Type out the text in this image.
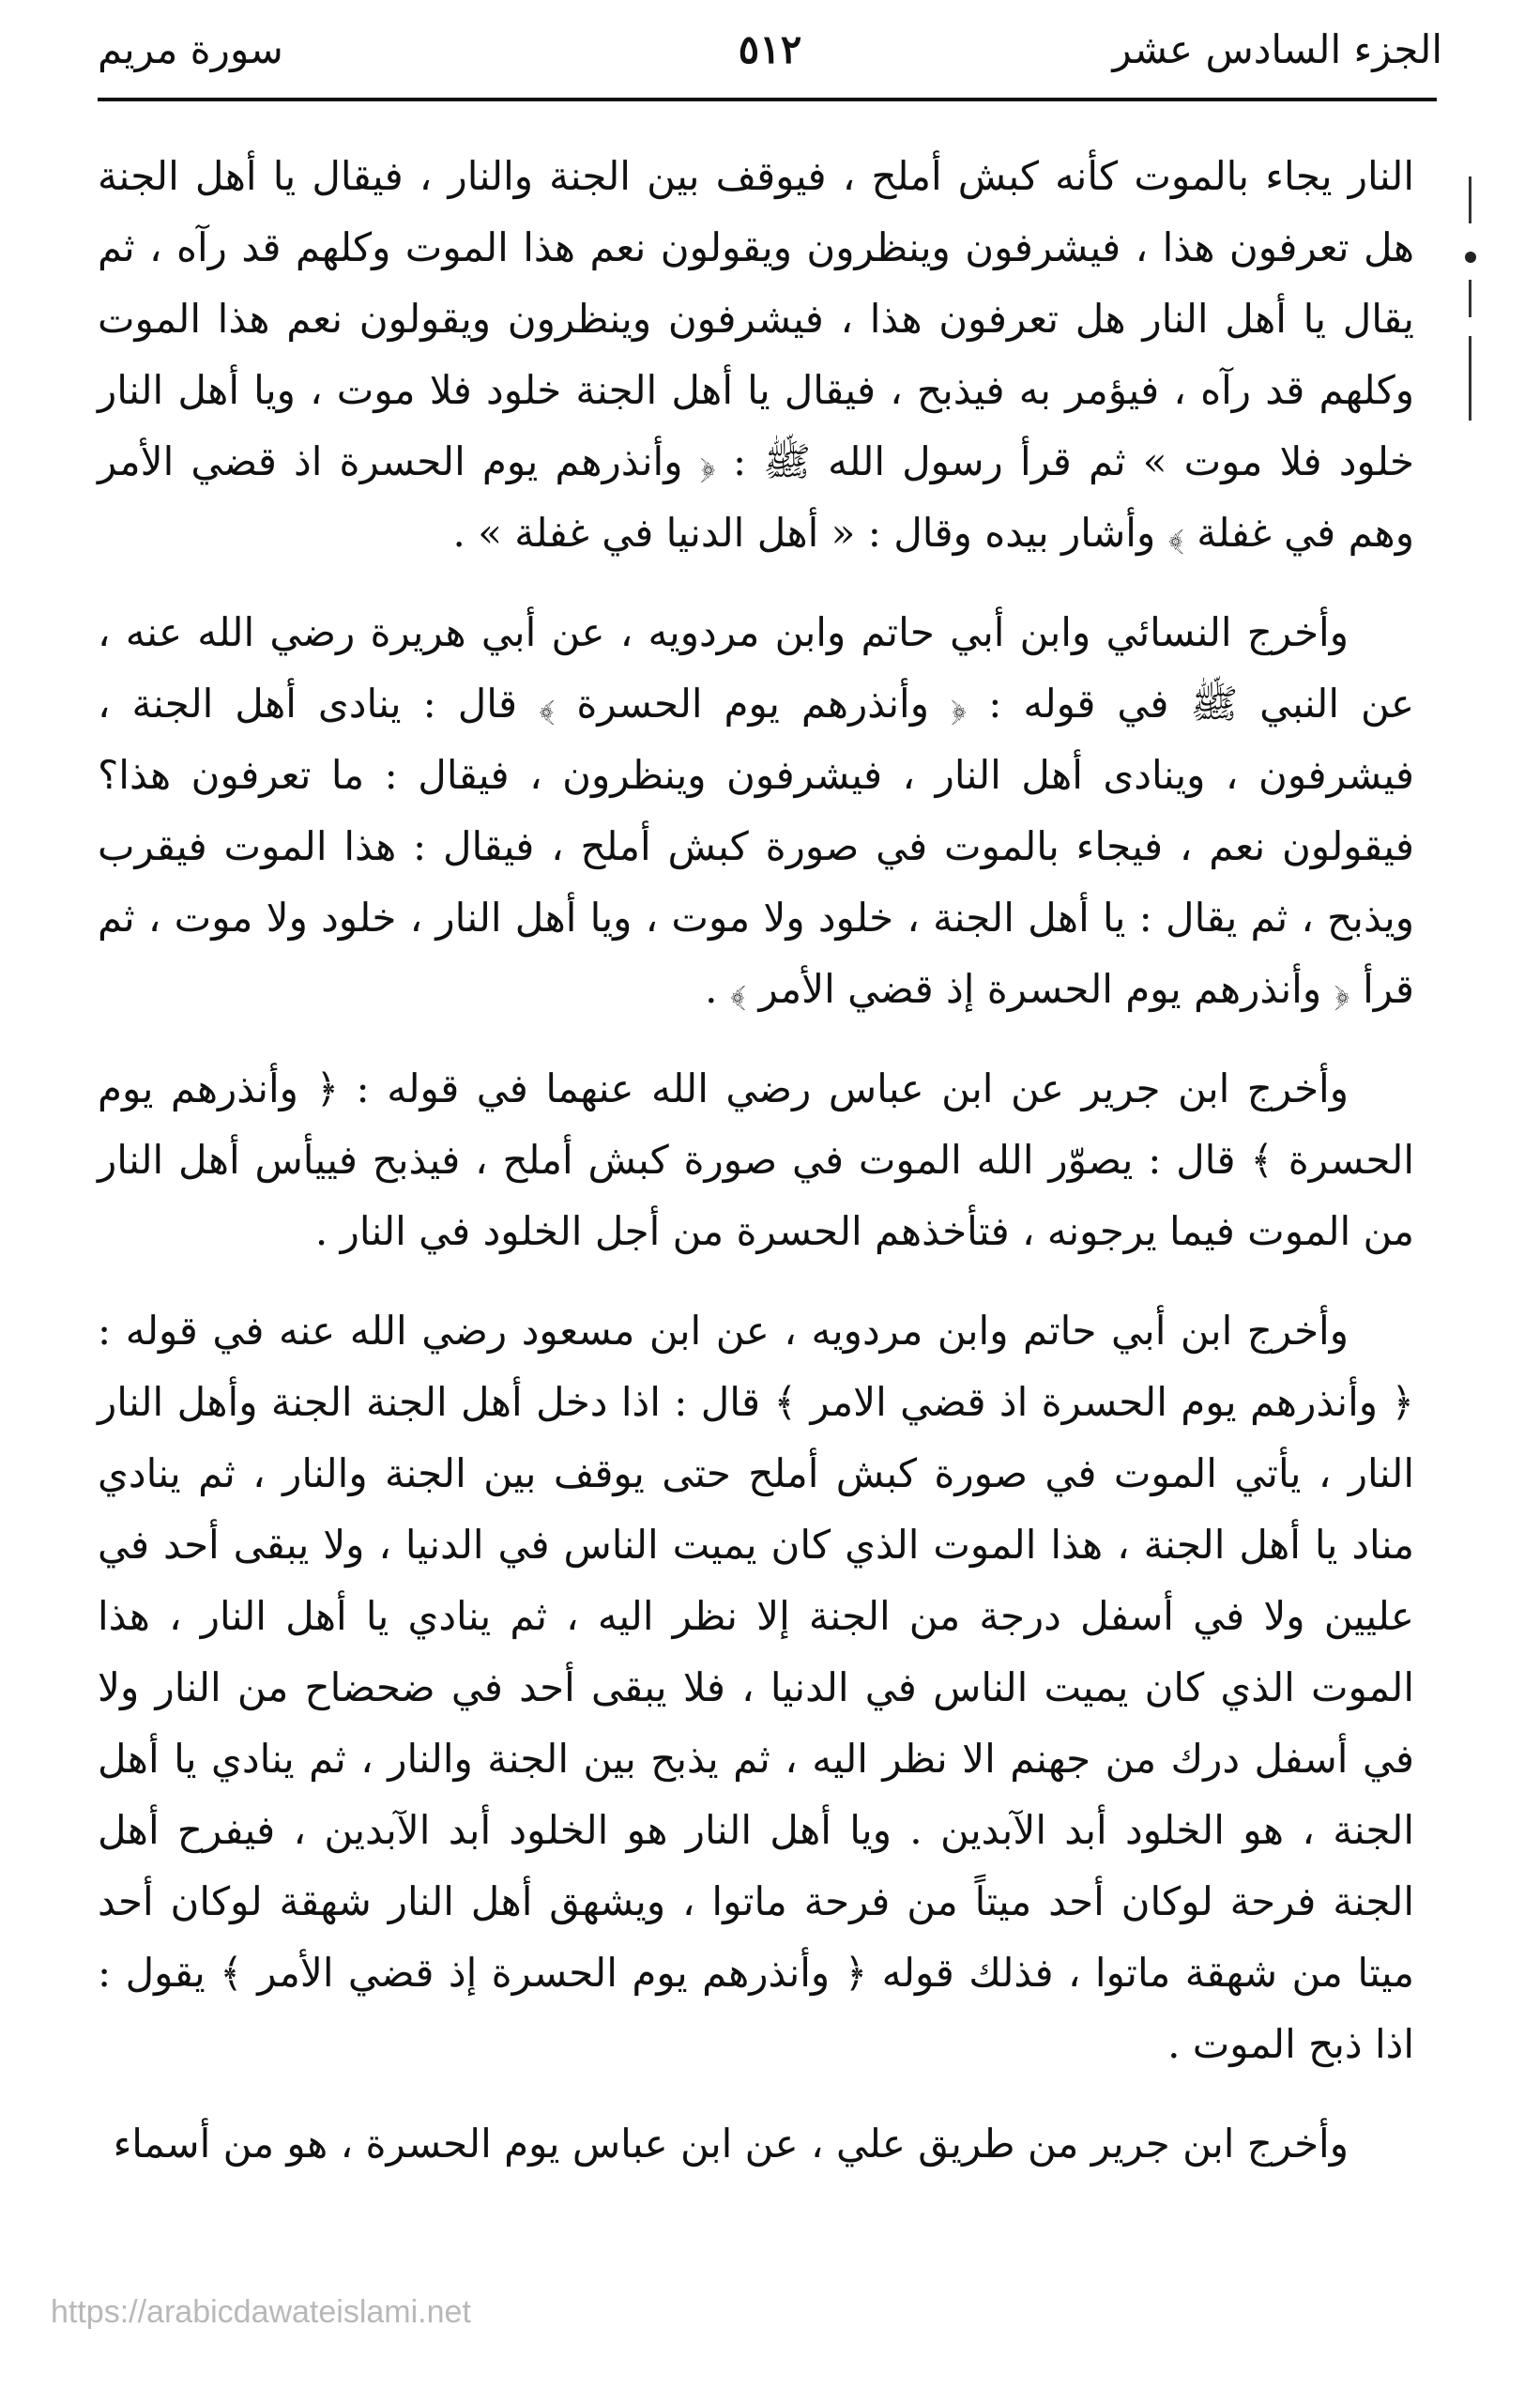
الجزء السادس عشر
٥١٢
سورة مريم

النار يجاء بالموت كأنه كبش أملح ، فيوقف بين الجنة والنار ، فيقال يا أهل الجنة هل تعرفون هذا ، فيشرفون وينظرون ويقولون نعم هذا الموت وكلهم قد رآه ، ثم يقال يا أهل النار هل تعرفون هذا ، فيشرفون وينظرون ويقولون نعم هذا الموت وكلهم قد رآه ، فيؤمر به فيذبح ، فيقال يا أهل الجنة خلود فلا موت ، ويا أهل النار خلود فلا موت » ثم قرأ رسول الله ﷺ : ﴿ وأنذرهم يوم الحسرة اذ قضي الأمر وهم في غفلة ﴾ وأشار بيده وقال : « أهل الدنيا في غفلة » .

وأخرج النسائي وابن أبي حاتم وابن مردويه ، عن أبي هريرة رضي الله عنه ، عن النبي ﷺ في قوله : ﴿ وأنذرهم يوم الحسرة ﴾ قال : ينادى أهل الجنة ، فيشرفون ، وينادى أهل النار ، فيشرفون وينظرون ، فيقال : ما تعرفون هذا؟ فيقولون نعم ، فيجاء بالموت في صورة كبش أملح ، فيقال : هذا الموت فيقرب ويذبح ، ثم يقال : يا أهل الجنة ، خلود ولا موت ، ويا أهل النار ، خلود ولا موت ، ثم قرأ ﴿ وأنذرهم يوم الحسرة إذ قضي الأمر ﴾ .

وأخرج ابن جرير عن ابن عباس رضي الله عنهما في قوله : ﴿ وأنذرهم يوم الحسرة ﴾ قال : يصوّر الله الموت في صورة كبش أملح ، فيذبح فييأس أهل النار من الموت فيما يرجونه ، فتأخذهم الحسرة من أجل الخلود في النار .

وأخرج ابن أبي حاتم وابن مردويه ، عن ابن مسعود رضي الله عنه في قوله : ﴿ وأنذرهم يوم الحسرة اذ قضي الامر ﴾ قال : اذا دخل أهل الجنة الجنة وأهل النار النار ، يأتي الموت في صورة كبش أملح حتى يوقف بين الجنة والنار ، ثم ينادي مناد يا أهل الجنة ، هذا الموت الذي كان يميت الناس في الدنيا ، ولا يبقى أحد في عليين ولا في أسفل درجة من الجنة إلا نظر اليه ، ثم ينادي يا أهل النار ، هذا الموت الذي كان يميت الناس في الدنيا ، فلا يبقى أحد في ضحضاح من النار ولا في أسفل درك من جهنم الا نظر اليه ، ثم يذبح بين الجنة والنار ، ثم ينادي يا أهل الجنة ، هو الخلود أبد الآبدين . ويا أهل النار هو الخلود أبد الآبدين ، فيفرح أهل الجنة فرحة لوكان أحد ميتاً من فرحة ماتوا ، ويشهق أهل النار شهقة لوكان أحد ميتا من شهقة ماتوا ، فذلك قوله ﴿ وأنذرهم يوم الحسرة إذ قضي الأمر ﴾ يقول : اذا ذبح الموت .

وأخرج ابن جرير من طريق علي ، عن ابن عباس يوم الحسرة ، هو من أسماء

https://arabicdawateislami.net
